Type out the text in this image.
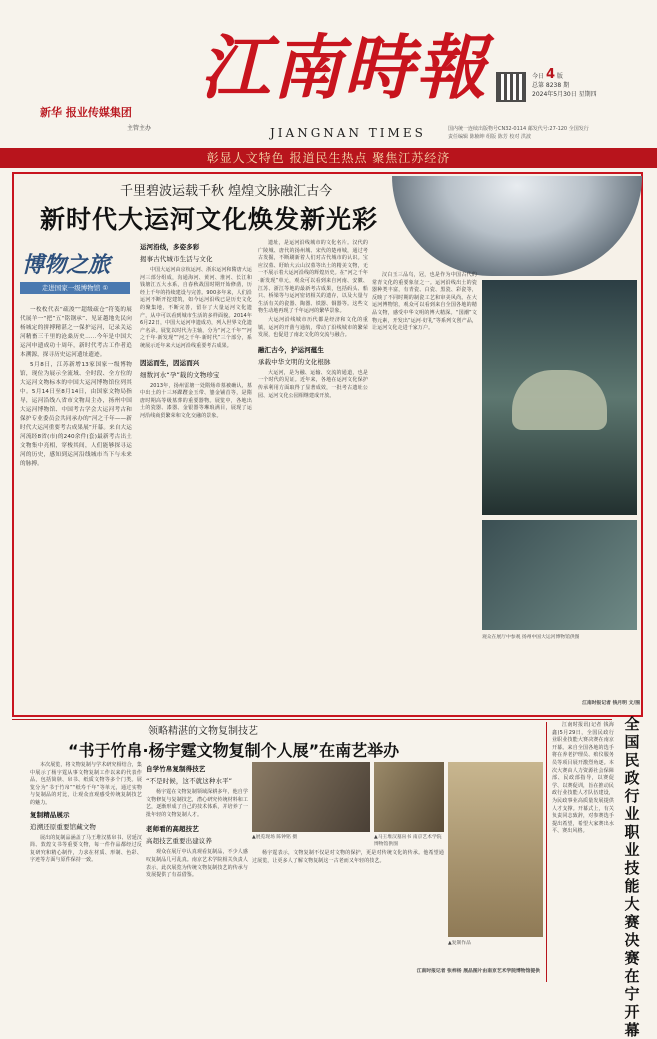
新华 报业传媒集团
主管主办
江南時報
JIANGNAN TIMES
今日 4 版
总第 8238 期
2024年5月30日 星期四
国内统一连续出版物号CN32-0114 邮发代号:27-120 全国发行
责任编辑 陈楠坤 组版 陈芳 校对 洪波
彰显人文特色 报道民生热点 聚焦江苏经济
千里碧波运载千秋 煌煌文脉融汇古今
新时代大运河文化焕发新光彩
博物之旅
走进国家一级博物馆 ①

一枚枚代表“疏浚”“超级疏仓”符笺的展代展羊一“把”五“铭钢承”、见证越地先民向杨城定的拼搏精湛之一保护运河，记录关运河精畜三千里的沧桑历史……今年是中国大运河申遗成功十周年，新时代考古工作者追本溯源，探寻历史运河遗址遗迹。

5月8日，江苏新增13家国家一级博物馆，现位为展示全流域、全时段、全方位的大运河文物标本的中国大运河博物馆位列其中。5月14日至8月14日，由国家文物局指导，运河沿线八省市文物局主办，扬州中国大运河博物馆、中国考古学会大运河考古和保护专业委员会共同承办的“河之千年——新时代大运河重要考古成果展”开幕。来自大运河流经8省(市)的240余件(套)最新考古出土文物集中亮相，穿梭其间，人们能够探寻运河的历史，感知到运河沿线城市当下与未来的脉搏。

运河沿线，多姿多彩
揭事古代城市生活与文化

中国大运河由京杭运河、浙东运河和隋唐大运河三部分组成，沟通海河、黄河、淮河、长江和钱塘江五大水系，自春秋战国时期开始修凿，历经上千年的持续建设与完善。900多年来，人们沿运河不断开挖建筑，如今运河沿线已是历史文化的聚集地，不断完善，留存了大量运河文化遗产，从中可以看到城市生活的多样面貌。2014年6月22日，中国大运河申遗成功，列入世界文化遗产名录。展览以时代为主轴，分为“河之千年”“河之千年·新发现”“河之千年·新时代”三个部分，系统展示近年来大运河沿线重要考古成果。

因运而生，因运而兴
细数河水“孕”载的文物珍宝

2013年，扬州雷塘一处隋炀帝墓被确认，墓中出土的十三环蹀躞金玉带、鎏金铺首等，是隋唐时期高等级墓葬的重要器物。展览中，各地出土的瓷器、漆器、金银器等琳琅满目，展现了运河沿线商贸繁荣和文化交融的景象。

遗址，是运河沿线城市的文化名片。汉代的广陵城、唐代的扬州城、宋代的楚州城，通过考古发掘，不断刷新着人们对古代城市的认识。宝应汉墓、盱眙大云山汉墓等出土的精美文物，无一不展示着大运河沿线的辉煌历史。在“河之千年·新发现”单元，观众可以看到来自河南、安徽、江苏、浙江等地的最新考古成果，包括码头、船只、桥梁等与运河密切相关的遗存，以及大量与生活有关的瓷器、陶器、铁器、铜器等。这些文物生动地再现了千年运河的繁华景象。

大运河沿线城市历代都是经济和文化的重镇，运河的开凿与通航，带动了沿线城市的繁荣发展，也促进了南北文化的交流与融合。

融汇古今，护运河蕴生
承载中华文明的文化根脉

大运河，是为融、运输、交流的通道，也是一个时代的见证。近年来，各地在运河文化保护传承利用方面取得了显著成效，一批考古遗址公园、运河文化公园相继建成开放。

汉白玉三品鸟，冠，也是作为中国古代的常青文化的重要象征之一。运河沿线出土的瓷器种类丰富，有青瓷、白瓷、黑瓷、彩瓷等，反映了不同时期的制瓷工艺和审美风尚。在大运河博物馆，观众可以看到来自全国各地的精品文物，感受中华文明的博大精深。“国潮”文物元素，开发出“运河·好礼”等系列文创产品，让运河文化走进千家万户。

观众在展厅中参观 扬州中国大运河博物馆供图
江南时报记者 钱月明 文/图
领略精湛的文物复制技艺
“书于竹帛·杨宇霆文物复制个人展”在南艺举办

本次展览，将文物复制与学术研究相结合，集中展示了杨宇霆从事文物复制工作以来的代表作品，包括简牍、帛书、纸质文物等多个门类。展览分为“书于竹帛”“纸寿千年”等单元，通过实物与复制品的对比，让观众直观感受传统复制技艺的魅力。

复制精品展示
追溯还原重要馆藏文物

展出的复制品涵盖了马王堆汉墓帛书、居延汉简、敦煌文书等重要文物，每一件作品都经过反复研究和精心制作，力求在材质、形制、色彩、字迹等方面与原件保持一致。

自学竹帛复制得技艺
“不是时候，这不就这种水平”

杨宇霆在文物复制领域深耕多年，他自学文物修复与复制技艺，潜心研究传统材料和工艺，逐渐形成了自己的技术体系，并培养了一批年轻的文物复制人才。

老师看的高超技艺
高超技艺重要出建议养

观众在展厅中认真观看复制品，不少人感叹复制品几可乱真。南京艺术学院相关负责人表示，此次展览为传统文物复制技艺的传承与发展提供了有益借鉴。

▲展览现场 陈钟铭 摄	▲马王堆汉墓帛书 南京艺术学院博物馆供图
▲复制作品

杨宇霆表示，文物复制不仅是对文物的保护，更是对传统文化的传承。他希望通过展览，让更多人了解文物复制这一古老而又年轻的技艺。

江南时报记者 张梓杨 展品图片由南京艺术学院博物馆提供

江南时报讯(记者 钱海鑫)5月29日，全国民政行业职业技能大赛决赛在南京开幕。来自全国各地的选手将在养老护理员、殡仪服务员等项目展开激烈角逐。本次大赛由人力资源社会保障部、民政部指导，以赛促学、以赛促训，旨在推动民政行业技能人才队伍建设，为民政事业高质量发展提供人才支撑。开幕式上，有关负责同志致辞，对参赛选手提出希望，希望大家赛出水平、赛出风格。

全国民政行业职业技能大赛决赛在宁开幕
